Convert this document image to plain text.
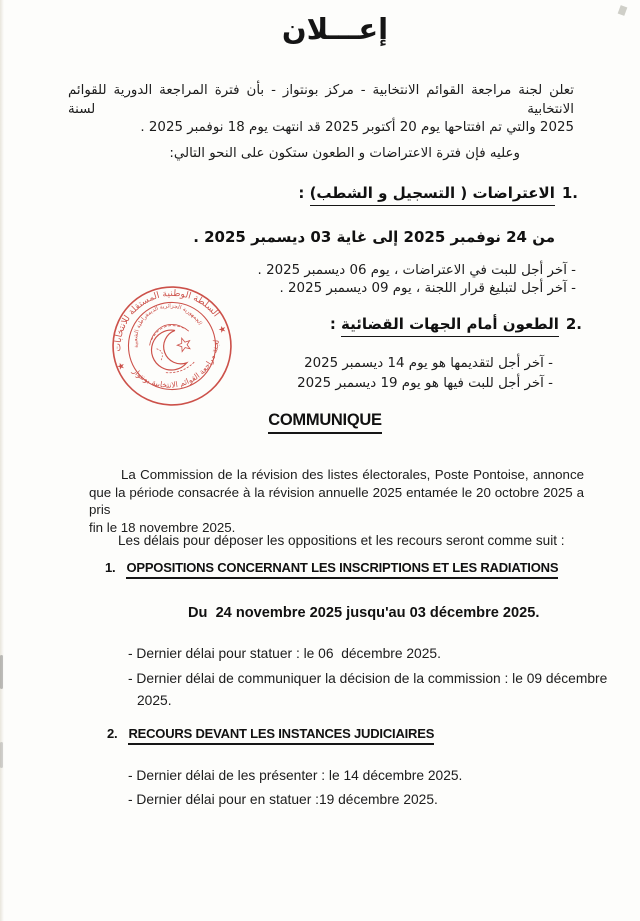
إعـــلان
تعلن لجنة مراجعة القوائم الانتخابية - مركز بونتواز - بأن فترة المراجعة الدورية للقوائم الانتخابية لسنة
2025 والتي تم افتتاحها يوم 20 أكتوبر 2025 قد انتهت يوم 18 نوفمبر 2025 .
وعليه فإن فترة الاعتراضات و الطعون ستكون على النحو التالي:
1.الاعتراضات ( التسجيل و الشطب) :
من 24 نوفمبر 2025 إلى غاية 03 ديسمبر 2025 .
- آخر أجل للبت في الاعتراضات ، يوم 06 ديسمبر 2025 .
- آخر أجل لتبليغ قرار اللجنة ، يوم 09 ديسمبر 2025 .
2.الطعون أمام الجهات القضائية :
- آخر أجل لتقديمها هو يوم 14 ديسمبر 2025
- آخر أجل للبت فيها هو يوم 19 ديسمبر 2025
السلطة الوطنية المستقلة للانتخابات
لجنة مراجعة القوائم الانتخابية بونتواز
الجمهورية الجزائرية الديمقراطية الشعبية
★
★
COMMUNIQUE
La Commission de la révision des listes électorales, Poste Pontoise, annonce
que la période consacrée à la révision annuelle 2025 entamée le 20 octobre 2025 a pris
fin le 18 novembre 2025.
Les délais pour déposer les oppositions et les recours seront comme suit :
1. OPPOSITIONS CONCERNANT LES INSCRIPTIONS ET LES RADIATIONS
Du  24 novembre 2025 jusqu'au 03 décembre 2025.
- Dernier délai pour statuer : le 06  décembre 2025.
- Dernier délai de communiquer la décision de la commission : le 09 décembre
2025.
2. RECOURS DEVANT LES INSTANCES JUDICIAIRES
- Dernier délai de les présenter : le 14 décembre 2025.
- Dernier délai pour en statuer :19 décembre 2025.
